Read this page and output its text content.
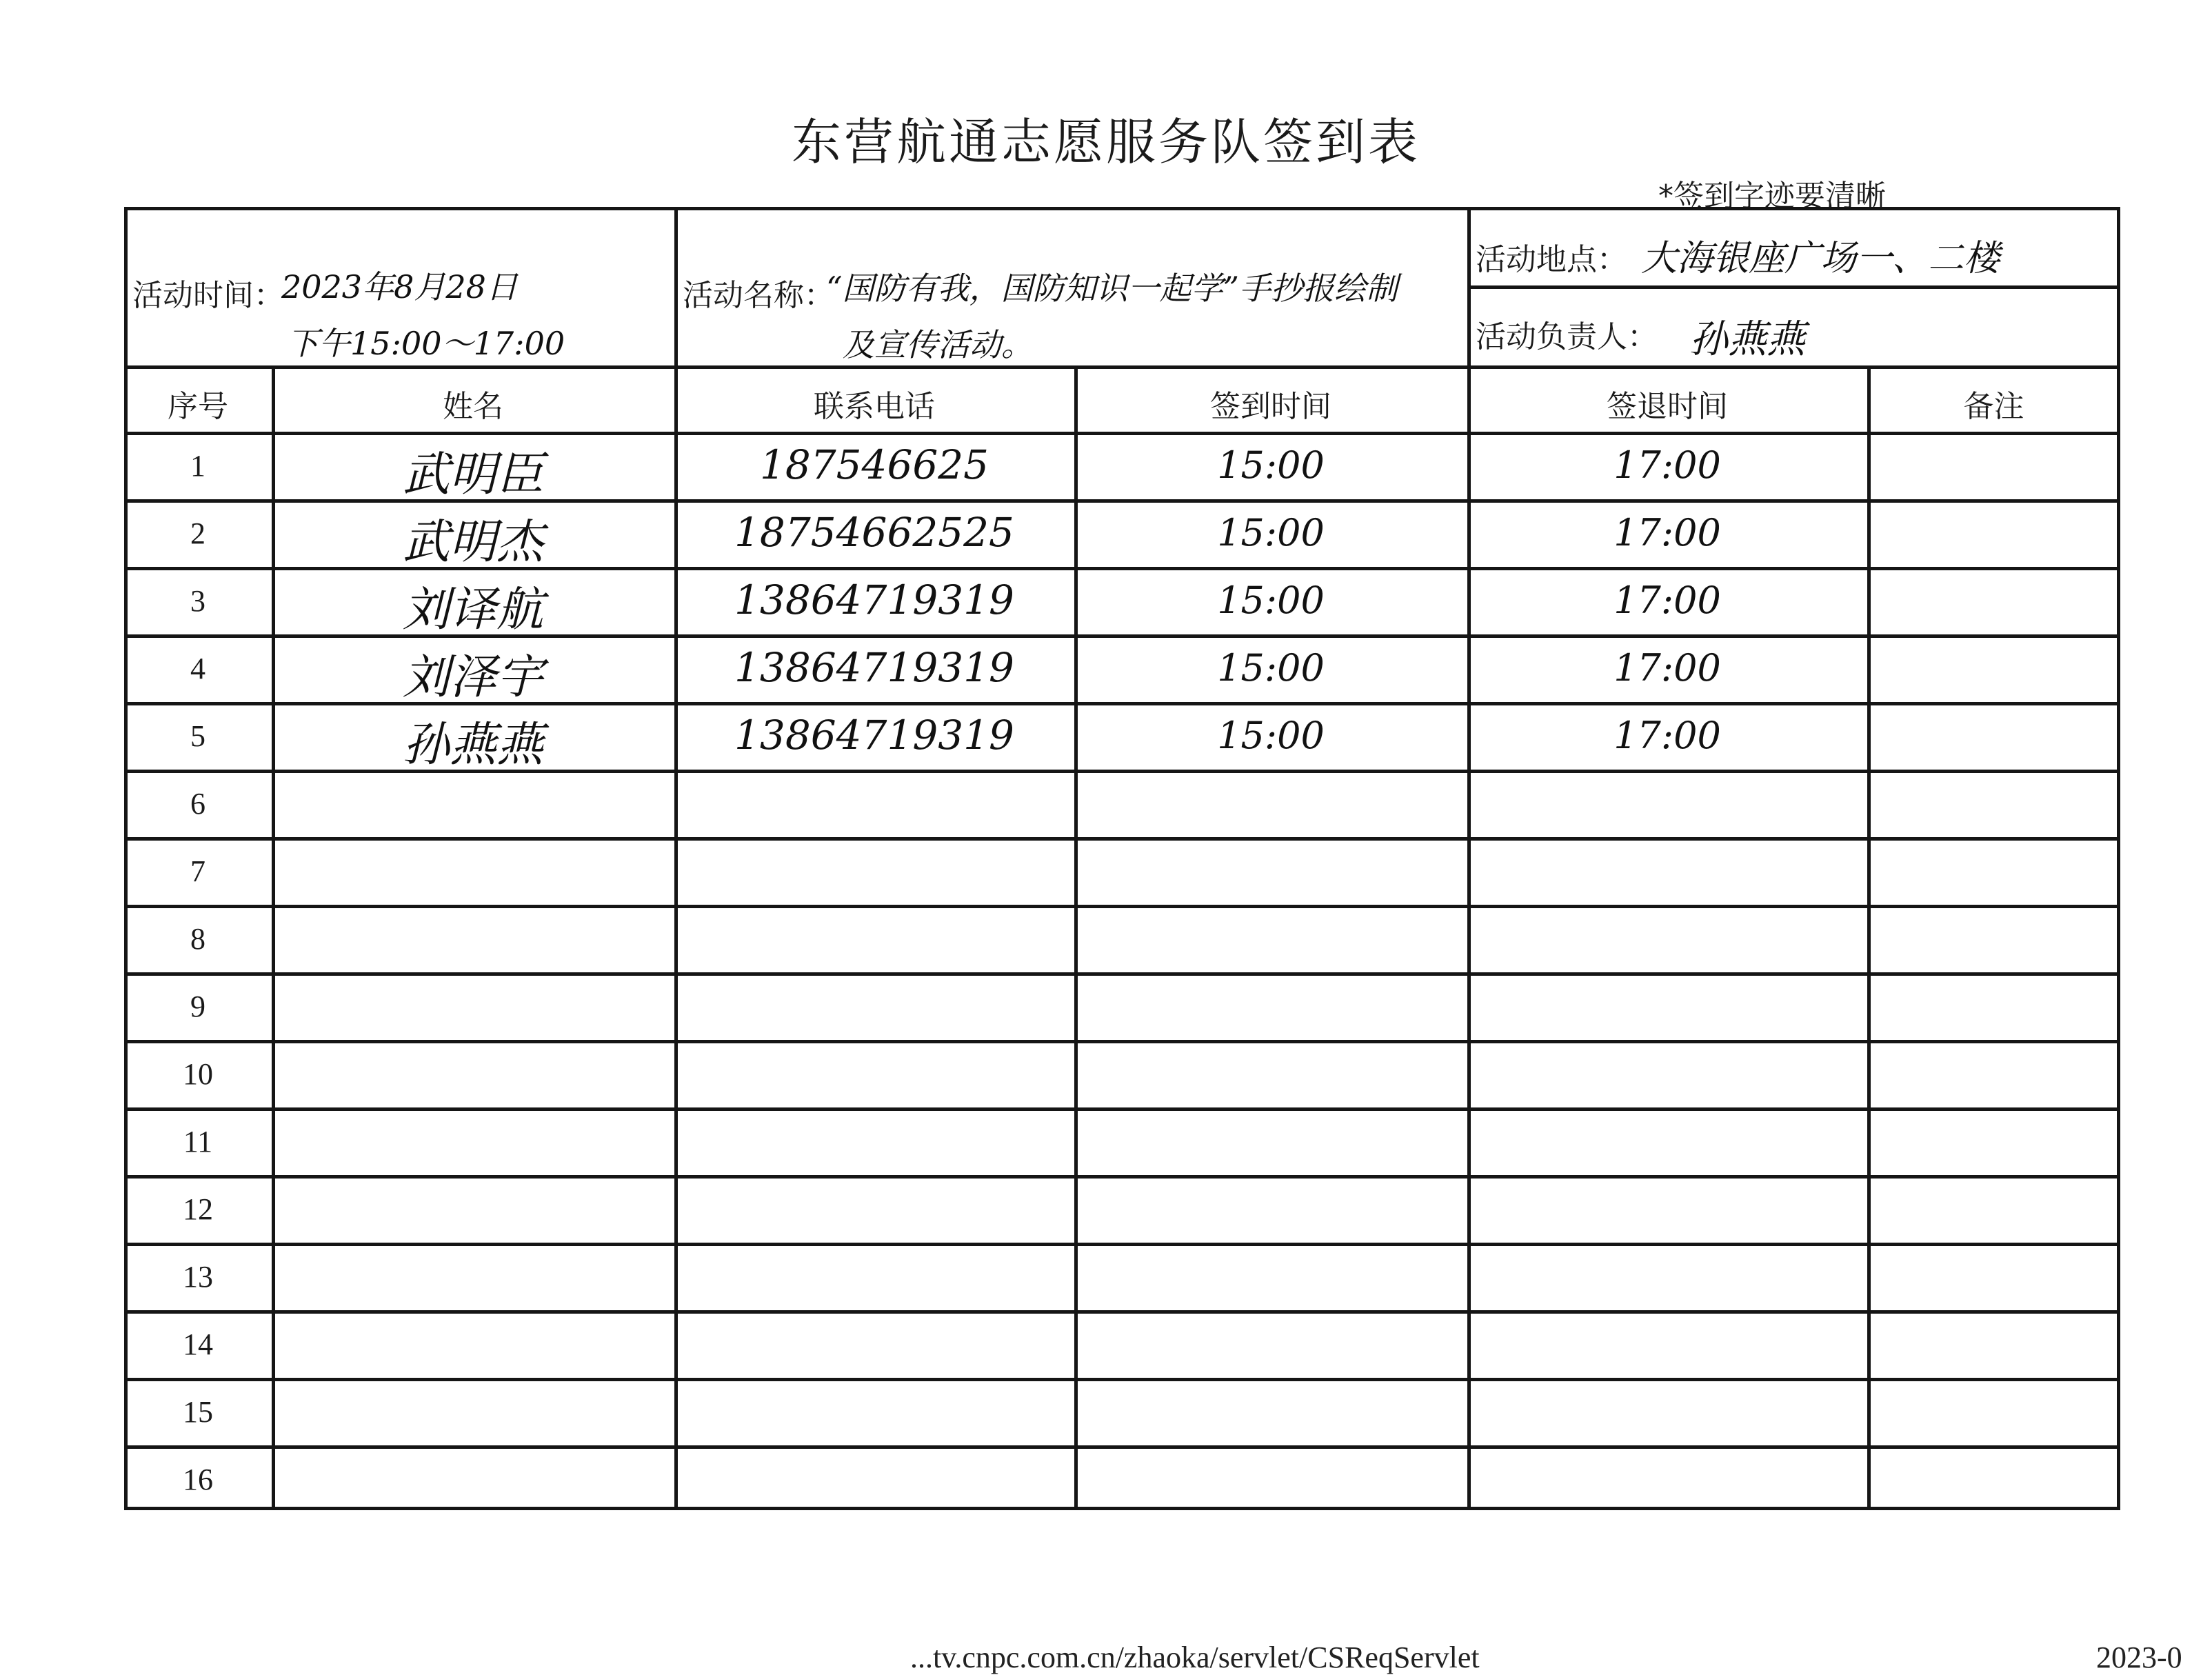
东营航通志愿服务队签到表
*签到字迹要清晰
活动时间：
2023年8月28日
下午15:00～17:00
活动名称：
“国防有我，国防知识一起学”手抄报绘制
及宣传活动。
活动地点： 大海银座广场一、二楼
活动负责人： 孙燕燕
序号	姓名	联系电话	签到时间	签退时间	备注
1	武明臣	187546625	15:00	17:00
2	武明杰	18754662525	15:00	17:00
3	刘译航	13864719319	15:00	17:00
4	刘泽宇	13864719319	15:00	17:00
5	孙燕燕	13864719319	15:00	17:00
6
7
8
9
10
11
12
13
14
15
16
...tv.cnpc.com.cn/zhaoka/servlet/CSReqServlet	2023-0
